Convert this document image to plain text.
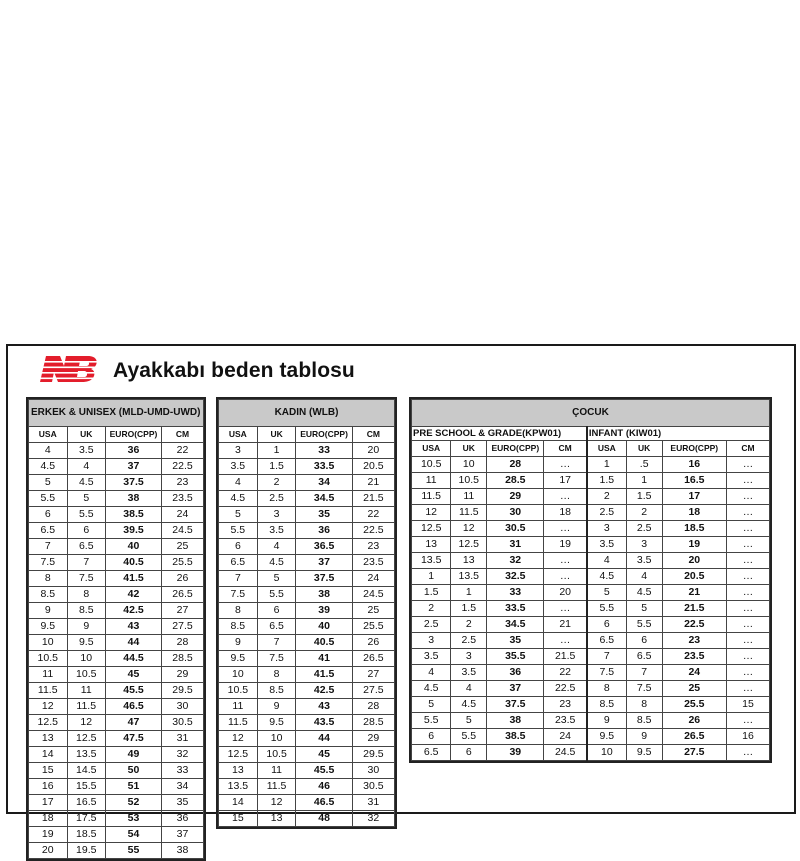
Ayakkabı beden tablosu
ERKEK & UNISEX (MLD-UMD-UWD)			
USA	UK	EURO(CPP)	CM
4	3.5	36	22
4.5	4	37	22.5
5	4.5	37.5	23
5.5	5	38	23.5
6	5.5	38.5	24
6.5	6	39.5	24.5
7	6.5	40	25
7.5	7	40.5	25.5
8	7.5	41.5	26
8.5	8	42	26.5
9	8.5	42.5	27
9.5	9	43	27.5
10	9.5	44	28
10.5	10	44.5	28.5
11	10.5	45	29
11.5	11	45.5	29.5
12	11.5	46.5	30
12.5	12	47	30.5
13	12.5	47.5	31
14	13.5	49	32
15	14.5	50	33
16	15.5	51	34
17	16.5	52	35
18	17.5	53	36
19	18.5	54	37
20	19.5	55	38
KADIN (WLB)			
USA	UK	EURO(CPP)	CM
3	1	33	20
3.5	1.5	33.5	20.5
4	2	34	21
4.5	2.5	34.5	21.5
5	3	35	22
5.5	3.5	36	22.5
6	4	36.5	23
6.5	4.5	37	23.5
7	5	37.5	24
7.5	5.5	38	24.5
8	6	39	25
8.5	6.5	40	25.5
9	7	40.5	26
9.5	7.5	41	26.5
10	8	41.5	27
10.5	8.5	42.5	27.5
11	9	43	28
11.5	9.5	43.5	28.5
12	10	44	29
12.5	10.5	45	29.5
13	11	45.5	30
13.5	11.5	46	30.5
14	12	46.5	31
15	13	48	32
ÇOCUK							
PRE SCHOOL & GRADE(KPW01)				INFANT (KIW01)			
USA	UK	EURO(CPP)	CM	USA	UK	EURO(CPP)	CM
10.5	10	28	…	1	.5	16	…
11	10.5	28.5	17	1.5	1	16.5	…
11.5	11	29	…	2	1.5	17	…
12	11.5	30	18	2.5	2	18	…
12.5	12	30.5	…	3	2.5	18.5	…
13	12.5	31	19	3.5	3	19	…
13.5	13	32	…	4	3.5	20	…
1	13.5	32.5	…	4.5	4	20.5	…
1.5	1	33	20	5	4.5	21	…
2	1.5	33.5	…	5.5	5	21.5	…
2.5	2	34.5	21	6	5.5	22.5	…
3	2.5	35	…	6.5	6	23	…
3.5	3	35.5	21.5	7	6.5	23.5	…
4	3.5	36	22	7.5	7	24	…
4.5	4	37	22.5	8	7.5	25	…
5	4.5	37.5	23	8.5	8	25.5	15
5.5	5	38	23.5	9	8.5	26	…
6	5.5	38.5	24	9.5	9	26.5	16
6.5	6	39	24.5	10	9.5	27.5	…
